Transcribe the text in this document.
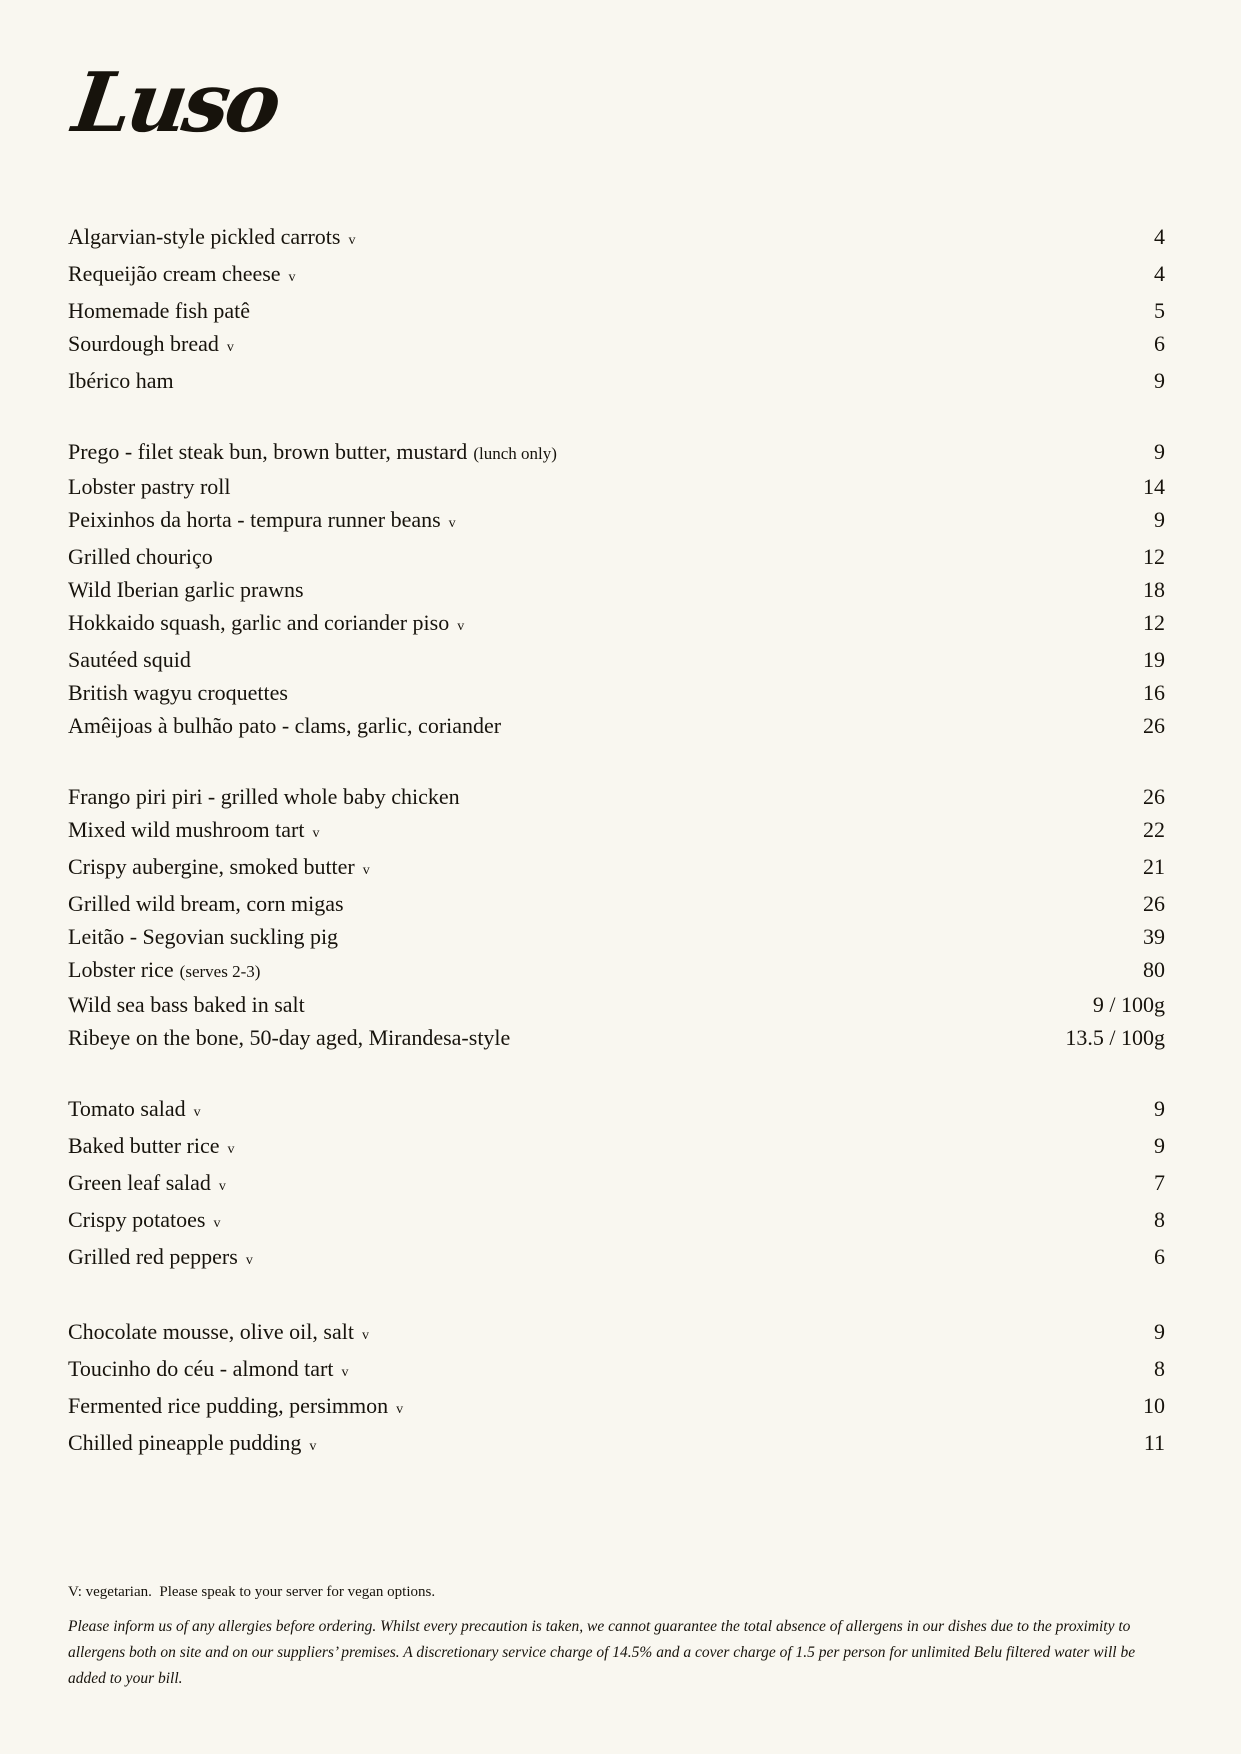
Luso
Algarvian-style pickled carrots v	4
Requeijão cream cheese v	4
Homemade fish patê	5
Sourdough bread v	6
Ibérico ham	9
Prego - filet steak bun, brown butter, mustard (lunch only)	9
Lobster pastry roll	14
Peixinhos da horta - tempura runner beans v	9
Grilled chouriço	12
Wild Iberian garlic prawns	18
Hokkaido squash, garlic and coriander piso v	12
Sautéed squid	19
British wagyu croquettes	16
Amêijoas à bulhão pato - clams, garlic, coriander	26
Frango piri piri - grilled whole baby chicken	26
Mixed wild mushroom tart v	22
Crispy aubergine, smoked butter v	21
Grilled wild bream, corn migas	26
Leitão - Segovian suckling pig	39
Lobster rice (serves 2-3)	80
Wild sea bass baked in salt	9 / 100g
Ribeye on the bone, 50-day aged, Mirandesa-style	13.5 / 100g
Tomato salad v	9
Baked butter rice v	9
Green leaf salad v	7
Crispy potatoes v	8
Grilled red peppers v	6
Chocolate mousse, olive oil, salt v	9
Toucinho do céu - almond tart v	8
Fermented rice pudding, persimmon v	10
Chilled pineapple pudding v	11

V: vegetarian.  Please speak to your server for vegan options.

Please inform us of any allergies before ordering. Whilst every precaution is taken, we cannot guarantee the total absence of allergens in our dishes due to the proximity to allergens both on site and on our suppliers’ premises. A discretionary service charge of 14.5% and a cover charge of 1.5 per person for unlimited Belu filtered water will be added to your bill.
